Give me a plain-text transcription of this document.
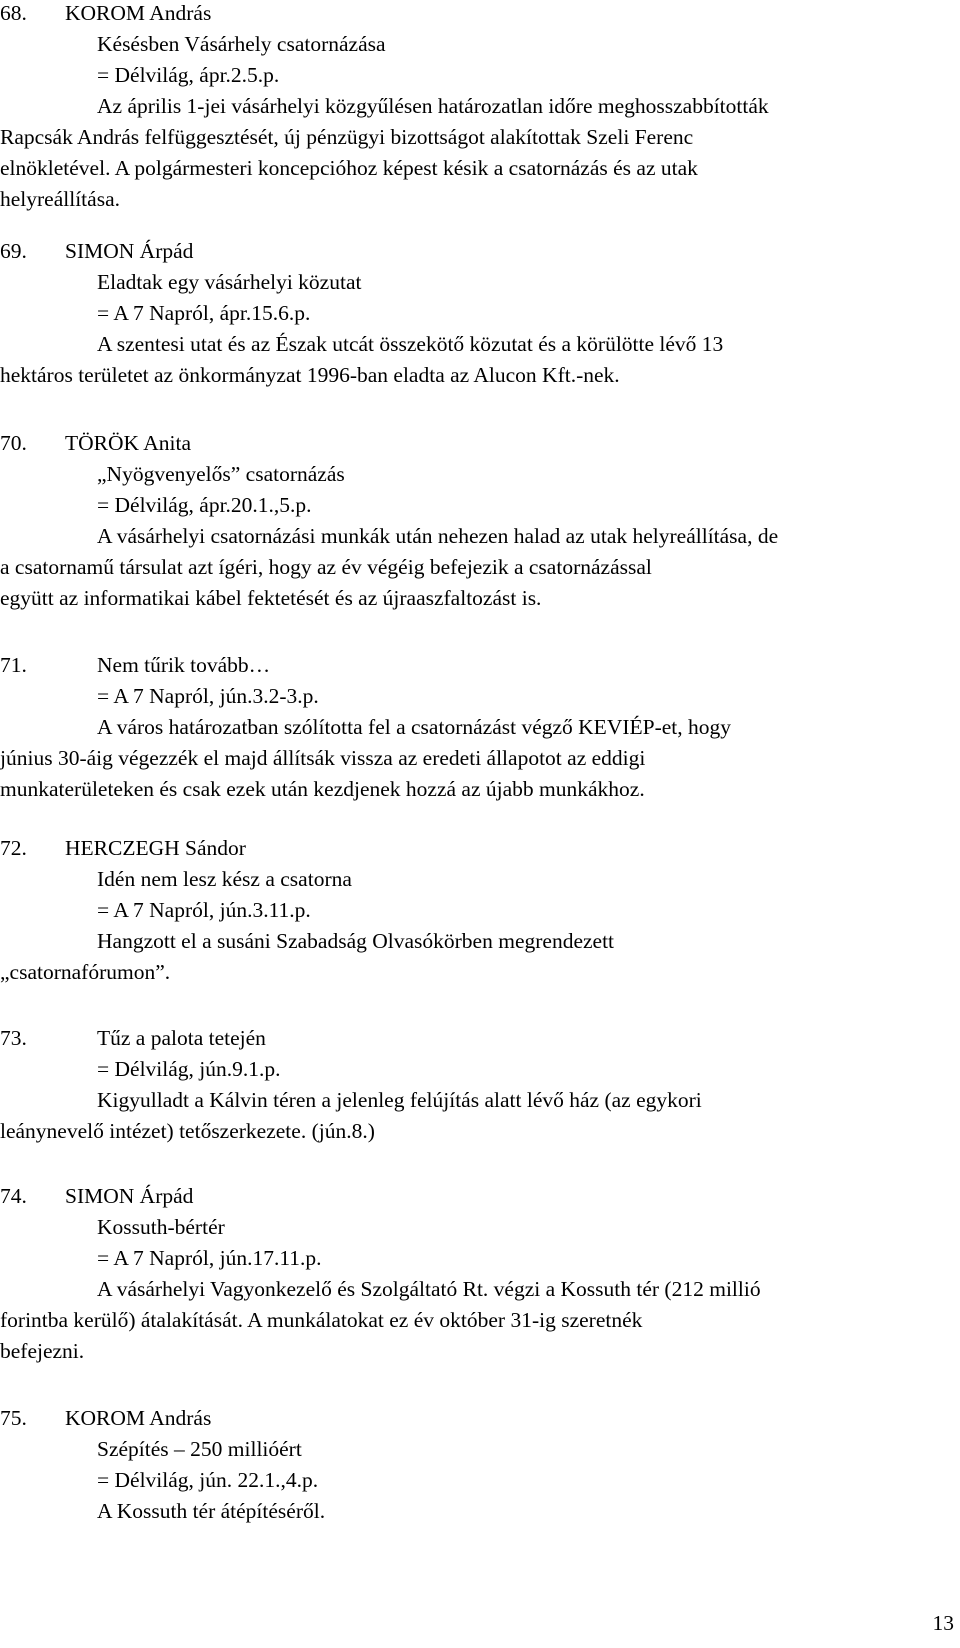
68. KOROM András
Késésben Vásárhely csatornázása
= Délvilág, ápr.2.5.p.
Az április 1-jei vásárhelyi közgyűlésen határozatlan időre meghosszabbították
Rapcsák András felfüggesztését, új pénzügyi bizottságot alakítottak Szeli Ferenc
elnökletével. A polgármesteri koncepcióhoz képest késik a csatornázás és az utak
helyreállítása.
69. SIMON Árpád
Eladtak egy vásárhelyi közutat
= A 7 Napról, ápr.15.6.p.
A szentesi utat és az Észak utcát összekötő közutat és a körülötte lévő 13
hektáros területet az önkormányzat 1996-ban eladta az Alucon Kft.-nek.
70. TÖRÖK Anita
„Nyögvenyelős” csatornázás
= Délvilág, ápr.20.1.,5.p.
A vásárhelyi csatornázási munkák után nehezen halad az utak helyreállítása, de
a csatornamű társulat azt ígéri, hogy az év végéig befejezik a csatornázással
együtt az informatikai kábel fektetését és az újraaszfaltozást is.
71.	Nem tűrik tovább…
= A 7 Napról, jún.3.2-3.p.
A város határozatban szólította fel a csatornázást végző KEVIÉP-et, hogy
június 30-áig végezzék el majd állítsák vissza az eredeti állapotot az eddigi
munkaterületeken és csak ezek után kezdjenek hozzá az újabb munkákhoz.
72. HERCZEGH Sándor
Idén nem lesz kész a csatorna
= A 7 Napról, jún.3.11.p.
Hangzott el a susáni Szabadság Olvasókörben megrendezett
„csatornafórumon”.
73.	Tűz a palota tetején
= Délvilág, jún.9.1.p.
Kigyulladt a Kálvin téren a jelenleg felújítás alatt lévő ház (az egykori
leánynevelő intézet) tetőszerkezete. (jún.8.)
74. SIMON Árpád
Kossuth-bértér
= A 7 Napról, jún.17.11.p.
A vásárhelyi Vagyonkezelő és Szolgáltató Rt. végzi a Kossuth tér (212 millió
forintba kerülő) átalakítását. A munkálatokat ez év október 31-ig szeretnék
befejezni.
75. KOROM András
Szépítés – 250 millióért
= Délvilág, jún. 22.1.,4.p.
A Kossuth tér átépítéséről.
13
